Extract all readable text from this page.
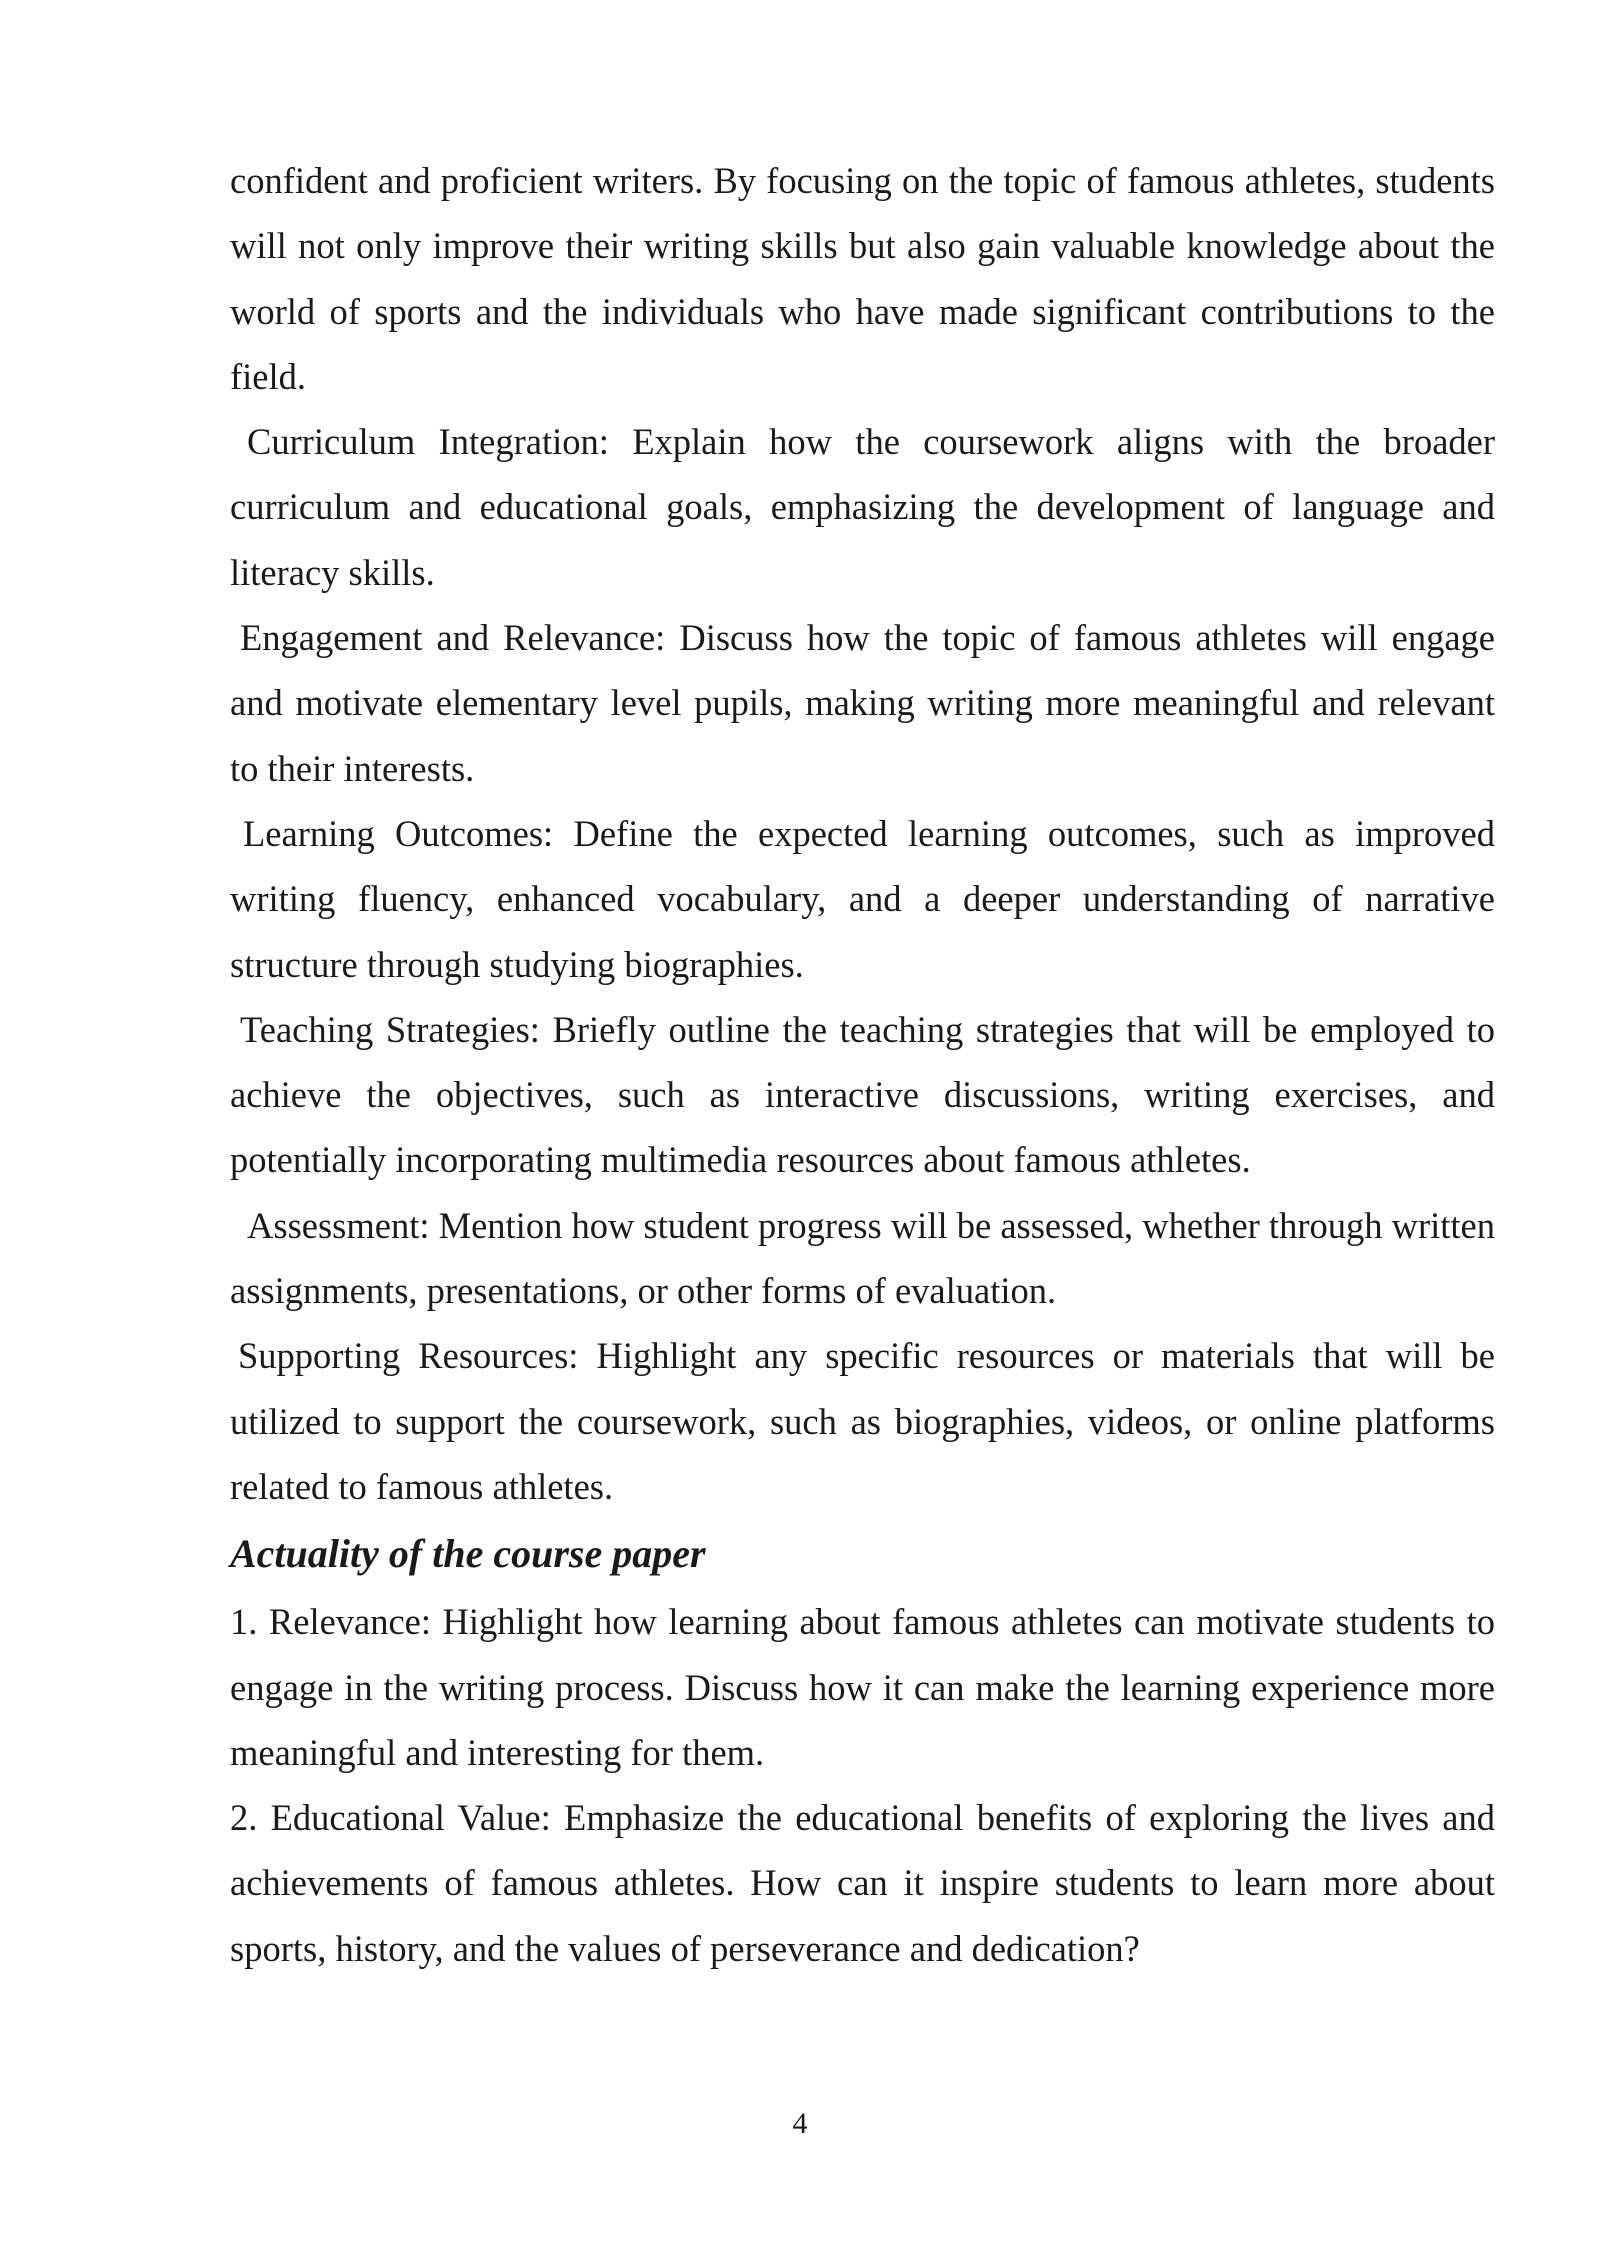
confident and proficient writers. By focusing on the topic of famous athletes, students will not only improve their writing skills but also gain valuable knowledge about the world of sports and the individuals who have made significant contributions to the field.

Curriculum Integration: Explain how the coursework aligns with the broader curriculum and educational goals, emphasizing the development of language and literacy skills.

Engagement and Relevance: Discuss how the topic of famous athletes will engage and motivate elementary level pupils, making writing more meaningful and relevant to their interests.

Learning Outcomes: Define the expected learning outcomes, such as improved writing fluency, enhanced vocabulary, and a deeper understanding of narrative structure through studying biographies.

Teaching Strategies: Briefly outline the teaching strategies that will be employed to achieve the objectives, such as interactive discussions, writing exercises, and potentially incorporating multimedia resources about famous athletes.

Assessment: Mention how student progress will be assessed, whether through written assignments, presentations, or other forms of evaluation.

Supporting Resources: Highlight any specific resources or materials that will be utilized to support the coursework, such as biographies, videos, or online platforms related to famous athletes.

Actuality of the course paper

1. Relevance: Highlight how learning about famous athletes can motivate students to engage in the writing process. Discuss how it can make the learning experience more meaningful and interesting for them.

2. Educational Value: Emphasize the educational benefits of exploring the lives and achievements of famous athletes. How can it inspire students to learn more about sports, history, and the values of perseverance and dedication?

4
